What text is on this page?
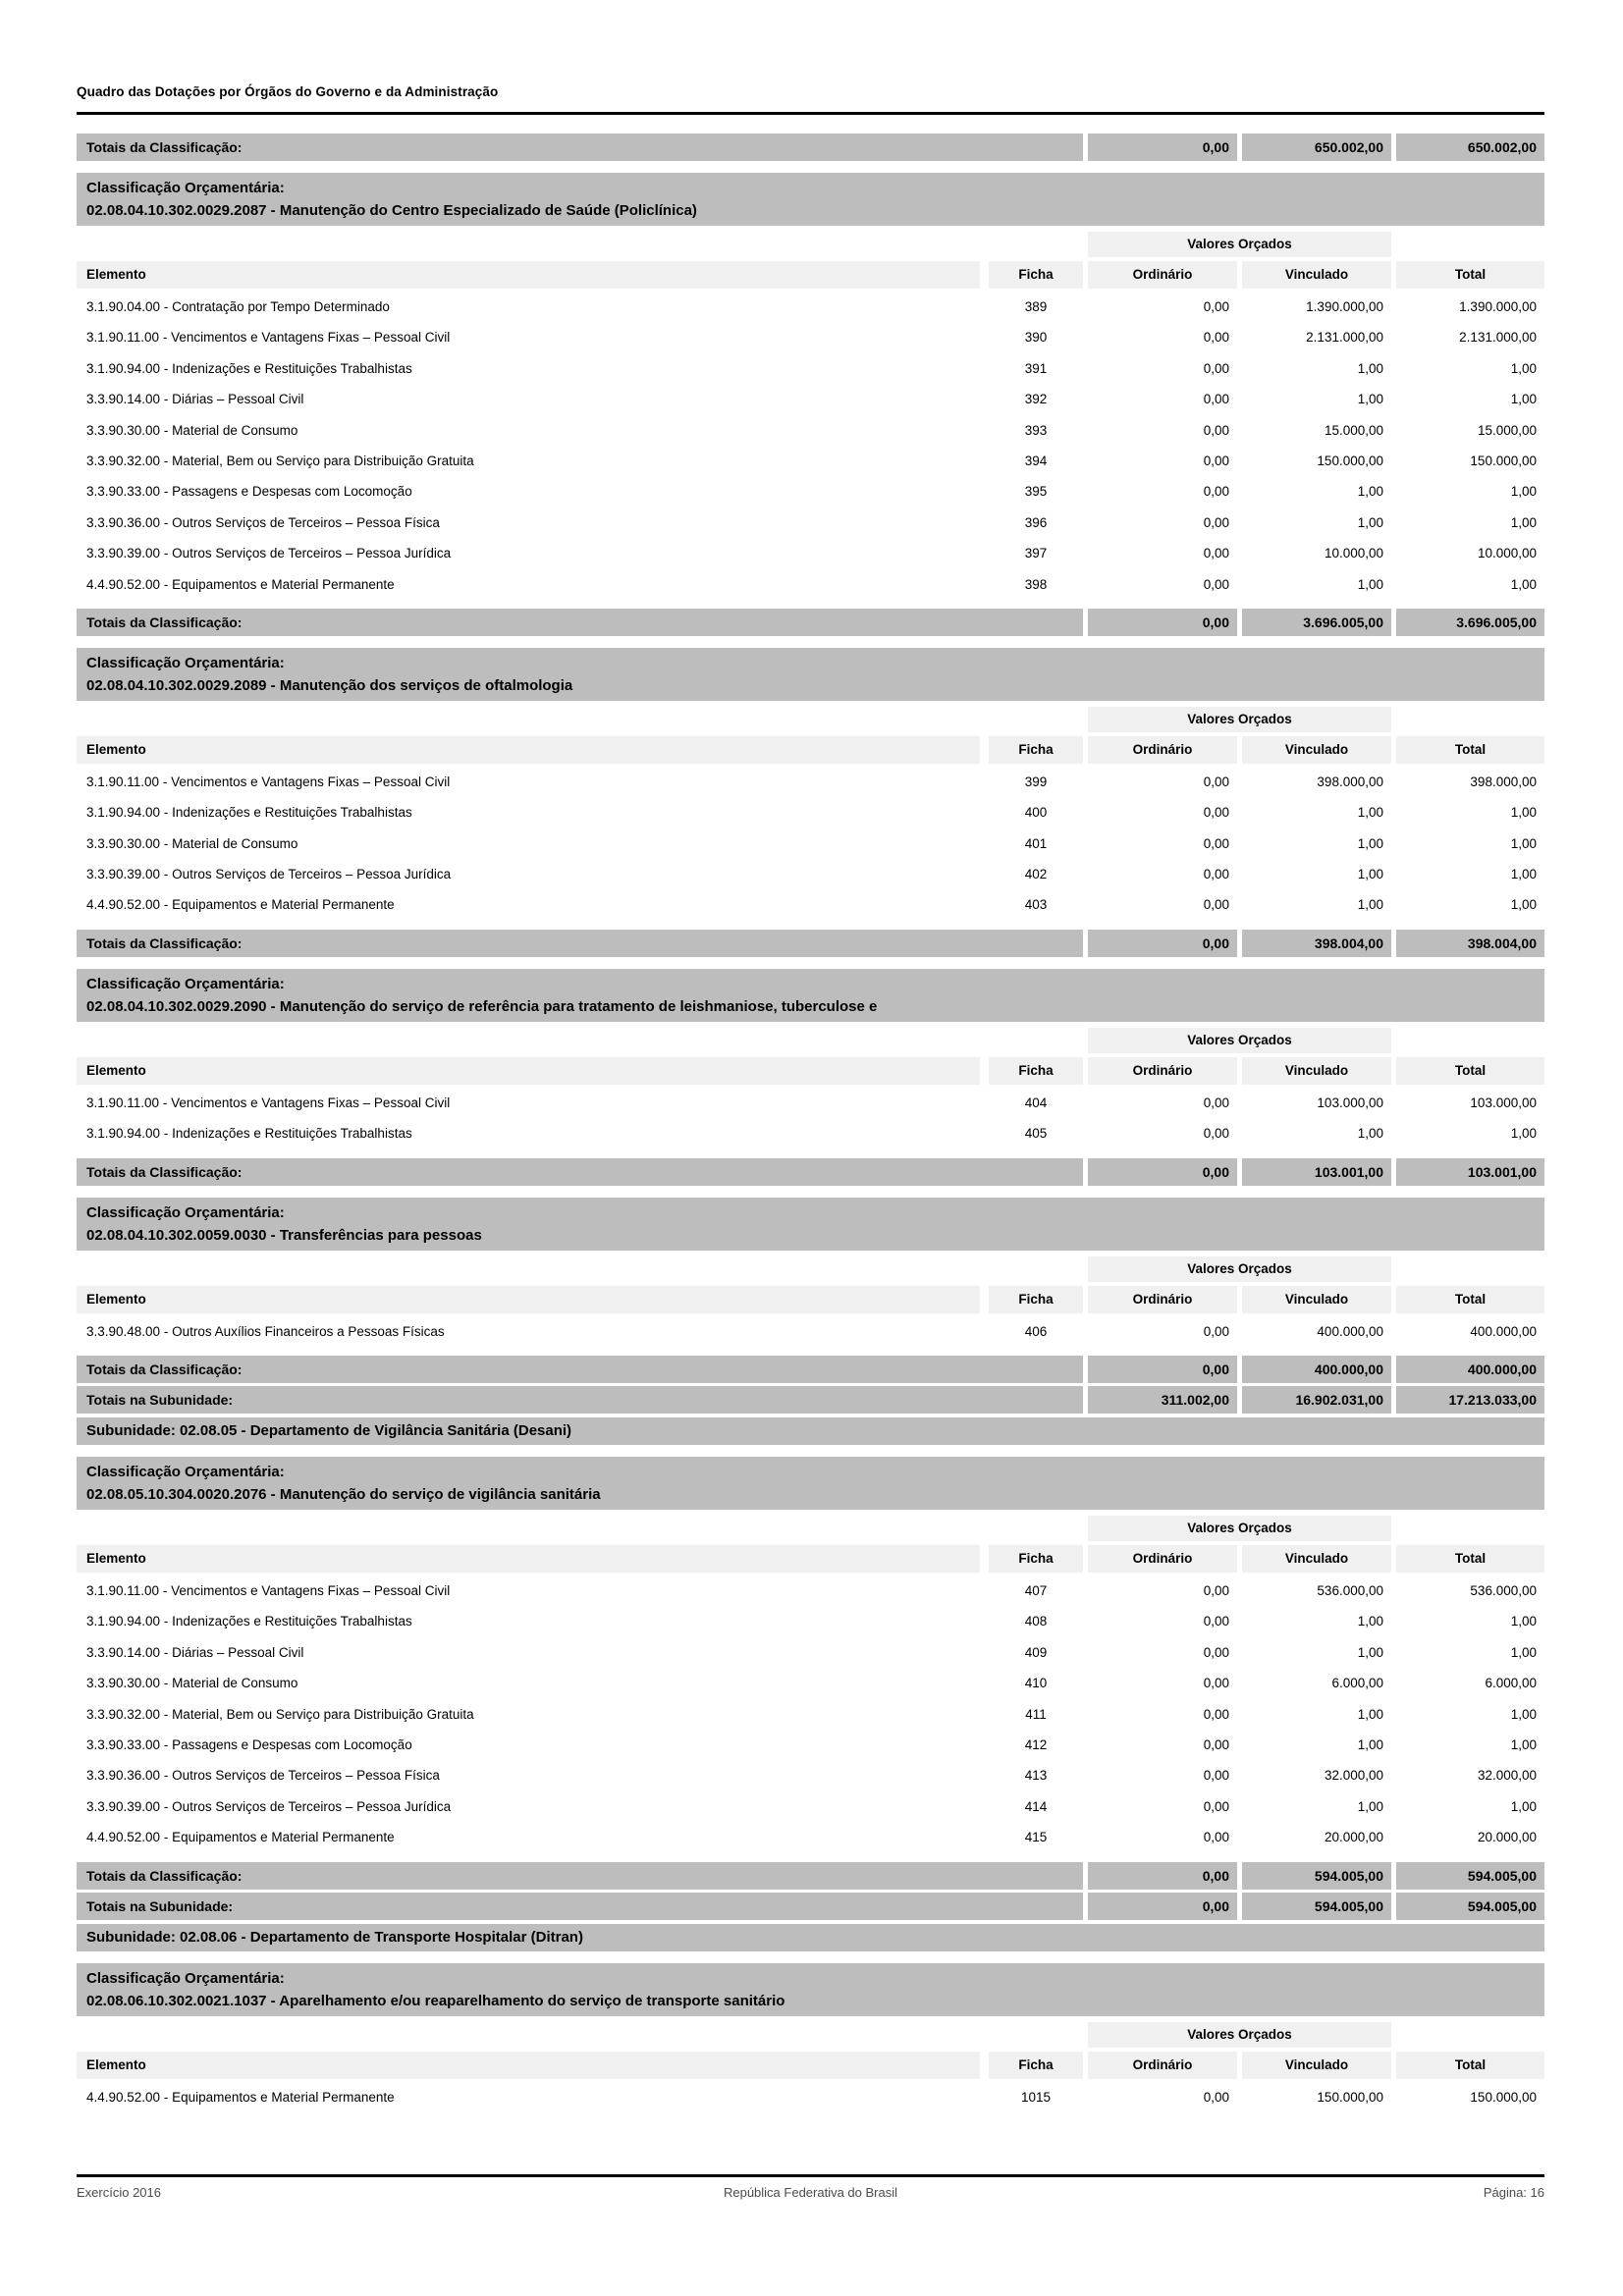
Quadro das Dotações por Órgãos do Governo e da Administração
Totais da Classificação:	0,00	650.002,00	650.002,00
Classificação Orçamentária:
02.08.04.10.302.0029.2087 - Manutenção do Centro Especializado de Saúde (Policlínica)
Valores Orçados
Elemento	Ficha	Ordinário	Vinculado	Total
3.1.90.04.00 - Contratação por Tempo Determinado	389	0,00	1.390.000,00	1.390.000,00
3.1.90.11.00 - Vencimentos e Vantagens Fixas – Pessoal Civil	390	0,00	2.131.000,00	2.131.000,00
3.1.90.94.00 - Indenizações e Restituições Trabalhistas	391	0,00	1,00	1,00
3.3.90.14.00 - Diárias – Pessoal Civil	392	0,00	1,00	1,00
3.3.90.30.00 - Material de Consumo	393	0,00	15.000,00	15.000,00
3.3.90.32.00 - Material, Bem ou Serviço para Distribuição Gratuita	394	0,00	150.000,00	150.000,00
3.3.90.33.00 - Passagens e Despesas com Locomoção	395	0,00	1,00	1,00
3.3.90.36.00 - Outros Serviços de Terceiros – Pessoa Física	396	0,00	1,00	1,00
3.3.90.39.00 - Outros Serviços de Terceiros – Pessoa Jurídica	397	0,00	10.000,00	10.000,00
4.4.90.52.00 - Equipamentos e Material Permanente	398	0,00	1,00	1,00
Totais da Classificação:	0,00	3.696.005,00	3.696.005,00
Classificação Orçamentária:
02.08.04.10.302.0029.2089 - Manutenção dos serviços de oftalmologia
Valores Orçados
Elemento	Ficha	Ordinário	Vinculado	Total
3.1.90.11.00 - Vencimentos e Vantagens Fixas – Pessoal Civil	399	0,00	398.000,00	398.000,00
3.1.90.94.00 - Indenizações e Restituições Trabalhistas	400	0,00	1,00	1,00
3.3.90.30.00 - Material de Consumo	401	0,00	1,00	1,00
3.3.90.39.00 - Outros Serviços de Terceiros – Pessoa Jurídica	402	0,00	1,00	1,00
4.4.90.52.00 - Equipamentos e Material Permanente	403	0,00	1,00	1,00
Totais da Classificação:	0,00	398.004,00	398.004,00
Classificação Orçamentária:
02.08.04.10.302.0029.2090 - Manutenção do serviço de referência para tratamento de leishmaniose, tuberculose e
Valores Orçados
Elemento	Ficha	Ordinário	Vinculado	Total
3.1.90.11.00 - Vencimentos e Vantagens Fixas – Pessoal Civil	404	0,00	103.000,00	103.000,00
3.1.90.94.00 - Indenizações e Restituições Trabalhistas	405	0,00	1,00	1,00
Totais da Classificação:	0,00	103.001,00	103.001,00
Classificação Orçamentária:
02.08.04.10.302.0059.0030 - Transferências para pessoas
Valores Orçados
Elemento	Ficha	Ordinário	Vinculado	Total
3.3.90.48.00 - Outros Auxílios Financeiros a Pessoas Físicas	406	0,00	400.000,00	400.000,00
Totais da Classificação:	0,00	400.000,00	400.000,00
Totais na Subunidade:	311.002,00	16.902.031,00	17.213.033,00
Subunidade: 02.08.05 - Departamento de Vigilância Sanitária (Desani)
Classificação Orçamentária:
02.08.05.10.304.0020.2076 - Manutenção do serviço de vigilância sanitária
Valores Orçados
Elemento	Ficha	Ordinário	Vinculado	Total
3.1.90.11.00 - Vencimentos e Vantagens Fixas – Pessoal Civil	407	0,00	536.000,00	536.000,00
3.1.90.94.00 - Indenizações e Restituições Trabalhistas	408	0,00	1,00	1,00
3.3.90.14.00 - Diárias – Pessoal Civil	409	0,00	1,00	1,00
3.3.90.30.00 - Material de Consumo	410	0,00	6.000,00	6.000,00
3.3.90.32.00 - Material, Bem ou Serviço para Distribuição Gratuita	411	0,00	1,00	1,00
3.3.90.33.00 - Passagens e Despesas com Locomoção	412	0,00	1,00	1,00
3.3.90.36.00 - Outros Serviços de Terceiros – Pessoa Física	413	0,00	32.000,00	32.000,00
3.3.90.39.00 - Outros Serviços de Terceiros – Pessoa Jurídica	414	0,00	1,00	1,00
4.4.90.52.00 - Equipamentos e Material Permanente	415	0,00	20.000,00	20.000,00
Totais da Classificação:	0,00	594.005,00	594.005,00
Totais na Subunidade:	0,00	594.005,00	594.005,00
Subunidade: 02.08.06 - Departamento de Transporte Hospitalar (Ditran)
Classificação Orçamentária:
02.08.06.10.302.0021.1037 - Aparelhamento e/ou reaparelhamento do serviço de transporte sanitário
Valores Orçados
Elemento	Ficha	Ordinário	Vinculado	Total
4.4.90.52.00 - Equipamentos e Material Permanente	1015	0,00	150.000,00	150.000,00
Exercício 2016	República Federativa do Brasil	Página: 16
